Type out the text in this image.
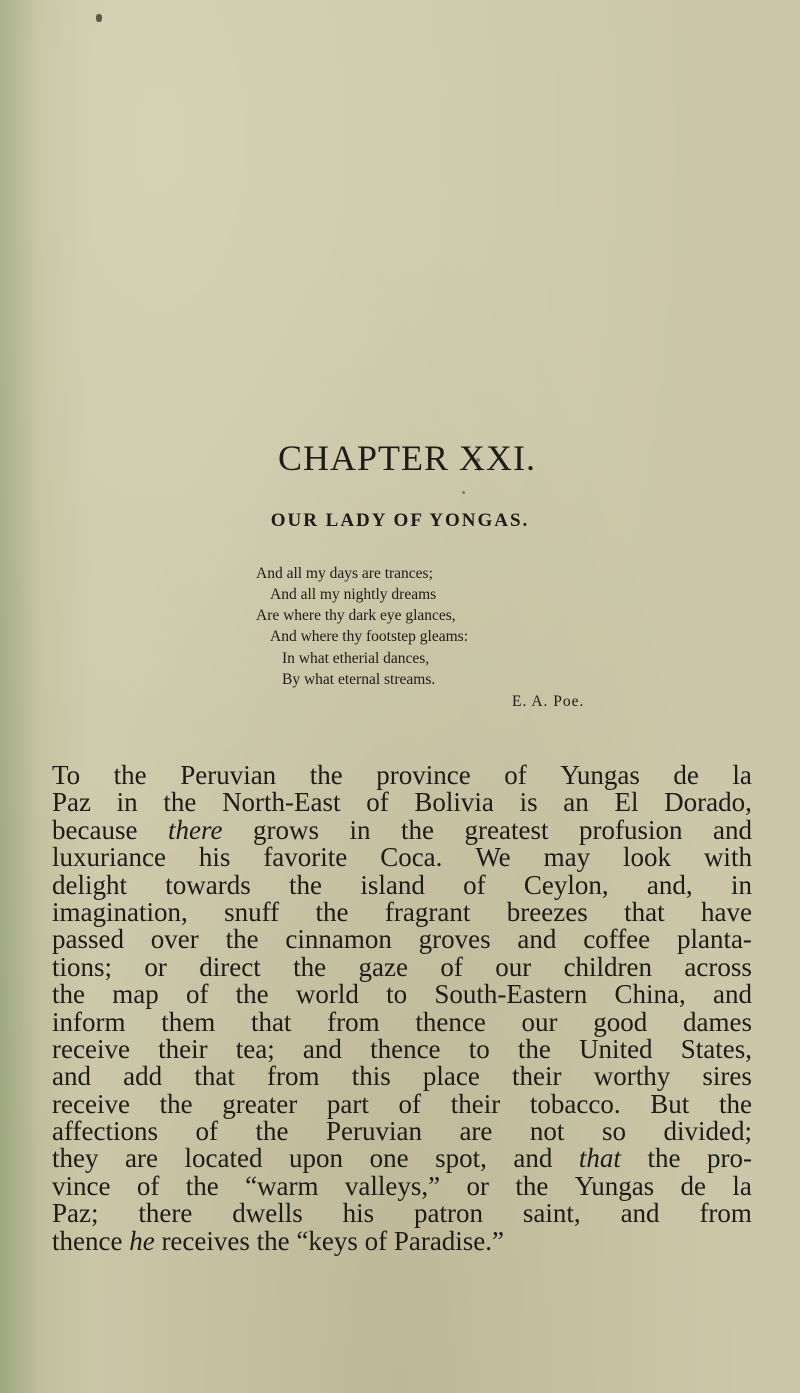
CHAPTER XXI.
OUR LADY OF YONGAS.
And all my days are trances;
And all my nightly dreams
Are where thy dark eye glances,
And where thy footstep gleams:
In what etherial dances,
By what eternal streams.
E. A. Poe.
To the Peruvian the province of Yungas de la
Paz in the North-East of Bolivia is an El Dorado,
because there grows in the greatest profusion and
luxuriance his favorite Coca. We may look with
delight towards the island of Ceylon, and, in
imagination, snuff the fragrant breezes that have
passed over the cinnamon groves and coffee planta-
tions; or direct the gaze of our children across
the map of the world to South-Eastern China, and
inform them that from thence our good dames
receive their tea; and thence to the United States,
and add that from this place their worthy sires
receive the greater part of their tobacco. But the
affections of the Peruvian are not so divided;
they are located upon one spot, and that the pro-
vince of the “warm valleys,” or the Yungas de la
Paz; there dwells his patron saint, and from
thence he receives the “keys of Paradise.”
